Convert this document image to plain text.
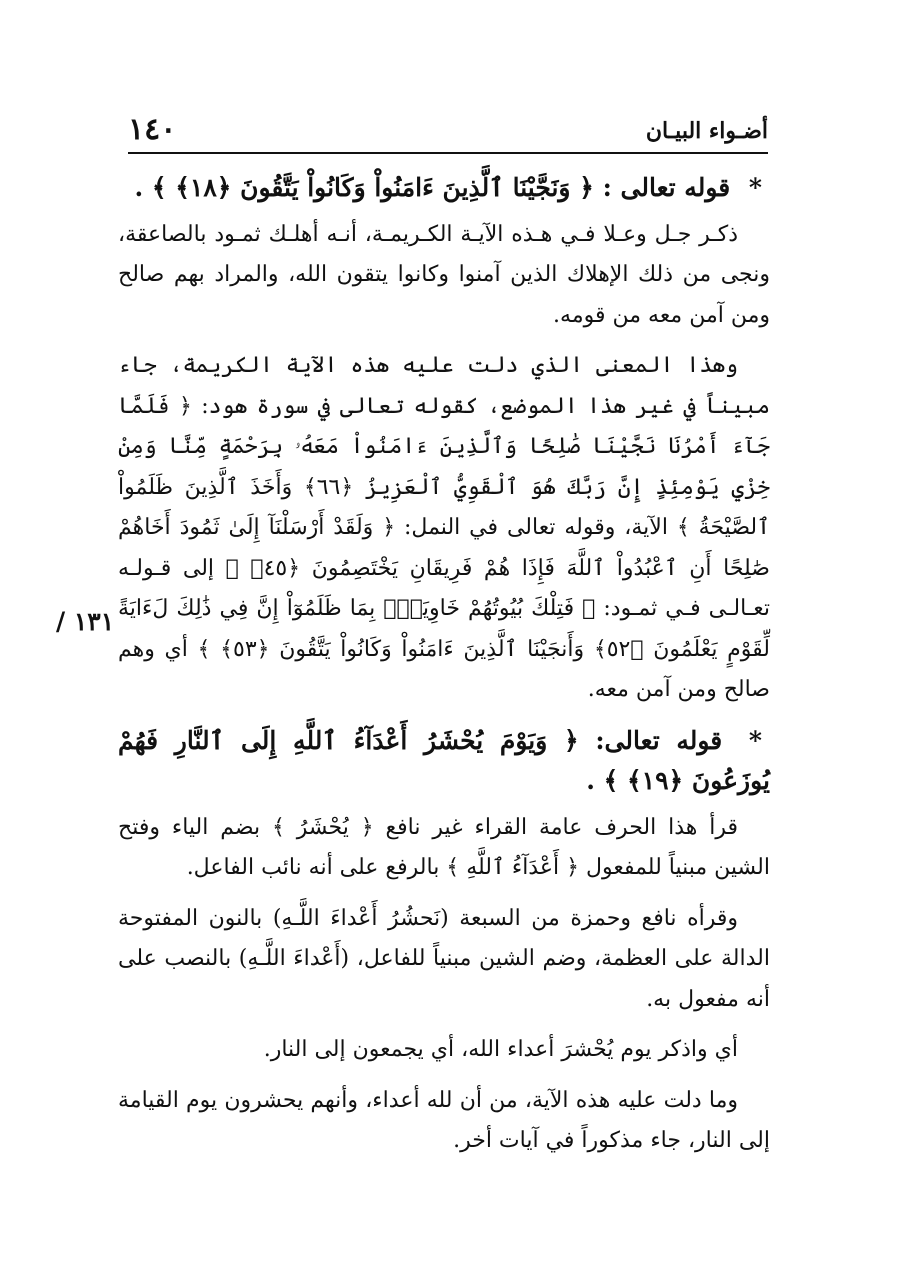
١٤٠	أضـواء البيـان
١٣١ /

* قوله تعالى : ﴿ وَنَجَّيْنَا ٱلَّذِينَ ءَامَنُواْ وَكَانُواْ يَتَّقُونَ ﴿١٨﴾ ﴾ .

ذكـر جـل وعـلا فـي هـذه الآيـة الكـريمـة، أنـه أهلـك ثمـود بالصاعقة، ونجى من ذلك الإهلاك الذين آمنوا وكانوا يتقون الله، والمراد بهم صالح ومن آمن معه من قومه.

وهذا المعنى الذي دلت عليه هذه الآية الكريمة، جاء مبيناً في غير هذا الموضع، كقوله تعالى في سورة هود: ﴿ فَلَمَّا جَآءَ أَمْرُنَا نَجَّيْنَا صَٰلِحًا وَٱلَّذِينَ ءَامَنُواْ مَعَهُۥ بِرَحْمَةٍ مِّنَّا وَمِنْ خِزْيِ يَوْمِئِذٍ إِنَّ رَبَّكَ هُوَ ٱلْقَوِيُّ ٱلْعَزِيزُ ﴿٦٦﴾ وَأَخَذَ ٱلَّذِينَ ظَلَمُواْ ٱلصَّيْحَةُ ﴾ الآية، وقوله تعالى في النمل: ﴿ وَلَقَدْ أَرْسَلْنَآ إِلَىٰ ثَمُودَ أَخَاهُمْ صَٰلِحًا أَنِ ٱعْبُدُواْ ٱللَّهَ فَإِذَا هُمْ فَرِيقَانِ يَخْتَصِمُونَ ﴿٤٥﴾ ﴾ إلى قـولـه تعـالـى فـي ثمـود: ﴿ فَتِلْكَ بُيُوتُهُمْ خَاوِيَةًۢ بِمَا ظَلَمُوٓاْ إِنَّ فِي ذَٰلِكَ لَءَايَةً لِّقَوْمٍ يَعْلَمُونَ ﴿٥٢﴾ وَأَنجَيْنَا ٱلَّذِينَ ءَامَنُواْ وَكَانُواْ يَتَّقُونَ ﴿٥٣﴾ ﴾ أي وهم صالح ومن آمن معه.

* قوله تعالى: ﴿ وَيَوْمَ يُحْشَرُ أَعْدَآءُ ٱللَّهِ إِلَى ٱلنَّارِ فَهُمْ يُوزَعُونَ ﴿١٩﴾ ﴾ .

قرأ هذا الحرف عامة القراء غير نافع ﴿ يُحْشَرُ ﴾ بضم الياء وفتح الشين مبنياً للمفعول ﴿ أَعْدَآءُ ٱللَّهِ ﴾ بالرفع على أنه نائب الفاعل.

وقرأه نافع وحمزة من السبعة (نَحشُرُ أَعْداءَ اللَّـهِ) بالنون المفتوحة الدالة على العظمة، وضم الشين مبنياً للفاعل، (أَعْداءَ اللَّـهِ) بالنصب على أنه مفعول به.

أي واذكر يوم يُحْشرَ أعداء الله، أي يجمعون إلى النار.

وما دلت عليه هذه الآية، من أن لله أعداء، وأنهم يحشرون يوم القيامة إلى النار، جاء مذكوراً في آيات أخر.
